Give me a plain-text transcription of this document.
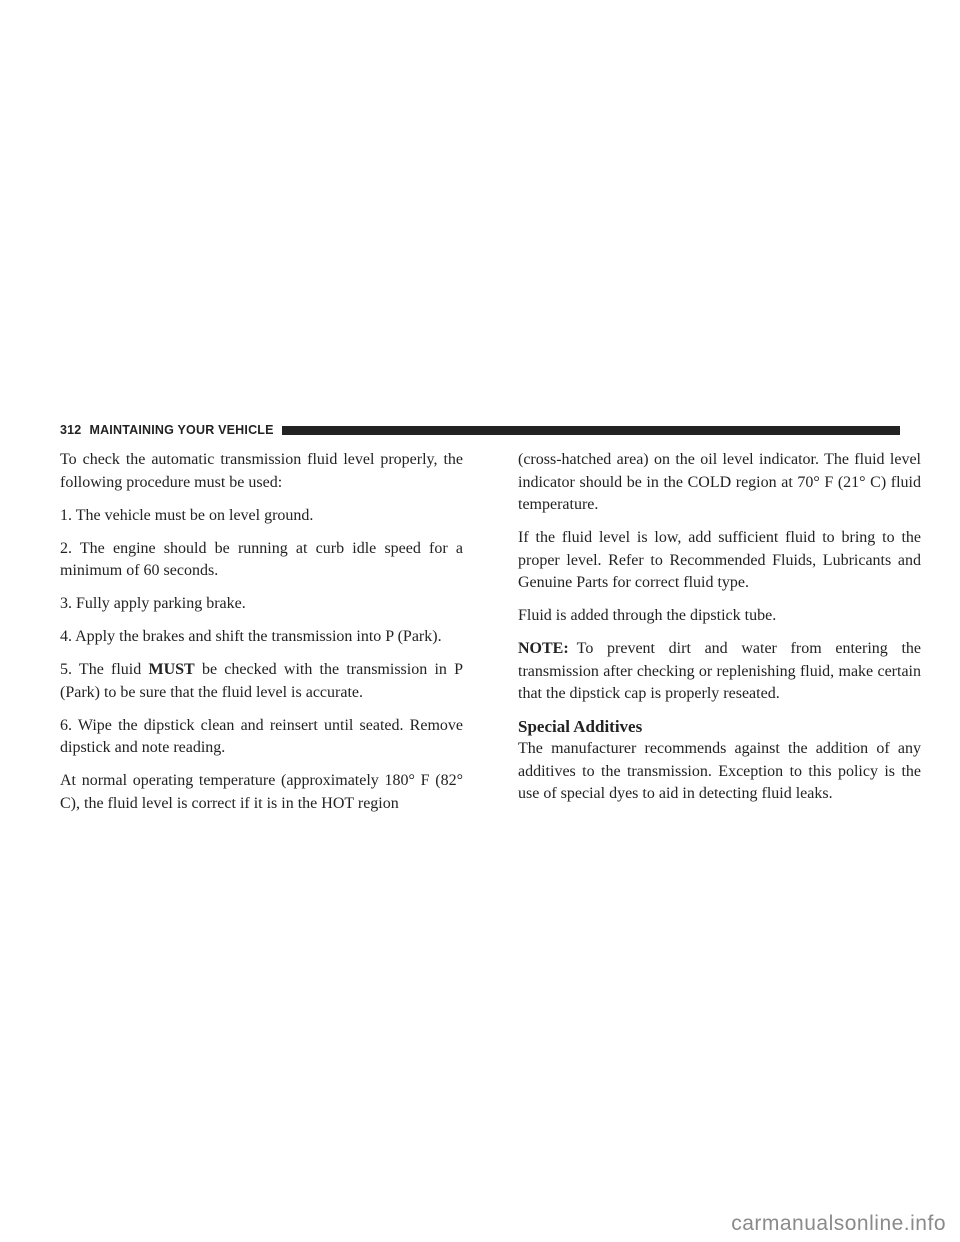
312 MAINTAINING YOUR VEHICLE

To check the automatic transmission fluid level properly, the following procedure must be used:

1. The vehicle must be on level ground.

2. The engine should be running at curb idle speed for a minimum of 60 seconds.

3. Fully apply parking brake.

4. Apply the brakes and shift the transmission into P (Park).

5. The fluid MUST be checked with the transmission in P (Park) to be sure that the fluid level is accurate.

6. Wipe the dipstick clean and reinsert until seated. Remove dipstick and note reading.

At normal operating temperature (approximately 180° F (82° C), the fluid level is correct if it is in the HOT region

(cross-hatched area) on the oil level indicator. The fluid level indicator should be in the COLD region at 70° F (21° C) fluid temperature.

If the fluid level is low, add sufficient fluid to bring to the proper level. Refer to Recommended Fluids, Lubricants and Genuine Parts for correct fluid type.

Fluid is added through the dipstick tube.

NOTE: To prevent dirt and water from entering the transmission after checking or replenishing fluid, make certain that the dipstick cap is properly reseated.

Special Additives

The manufacturer recommends against the addition of any additives to the transmission. Exception to this policy is the use of special dyes to aid in detecting fluid leaks.

carmanualsonline.info
